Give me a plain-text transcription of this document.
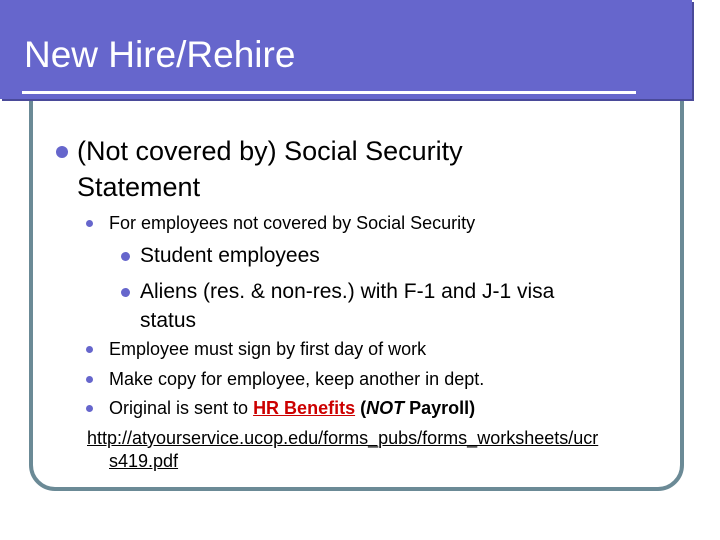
New Hire/Rehire
(Not covered by) Social Security
Statement
For employees not covered by Social Security
Student employees
Aliens (res. & non-res.) with F-1 and J-1 visa
status
Employee must sign by first day of work
Make copy for employee, keep another in dept.
Original is sent to HR Benefits (NOT Payroll)
http://atyourservice.ucop.edu/forms_pubs/forms_worksheets/ucr
s419.pdf
